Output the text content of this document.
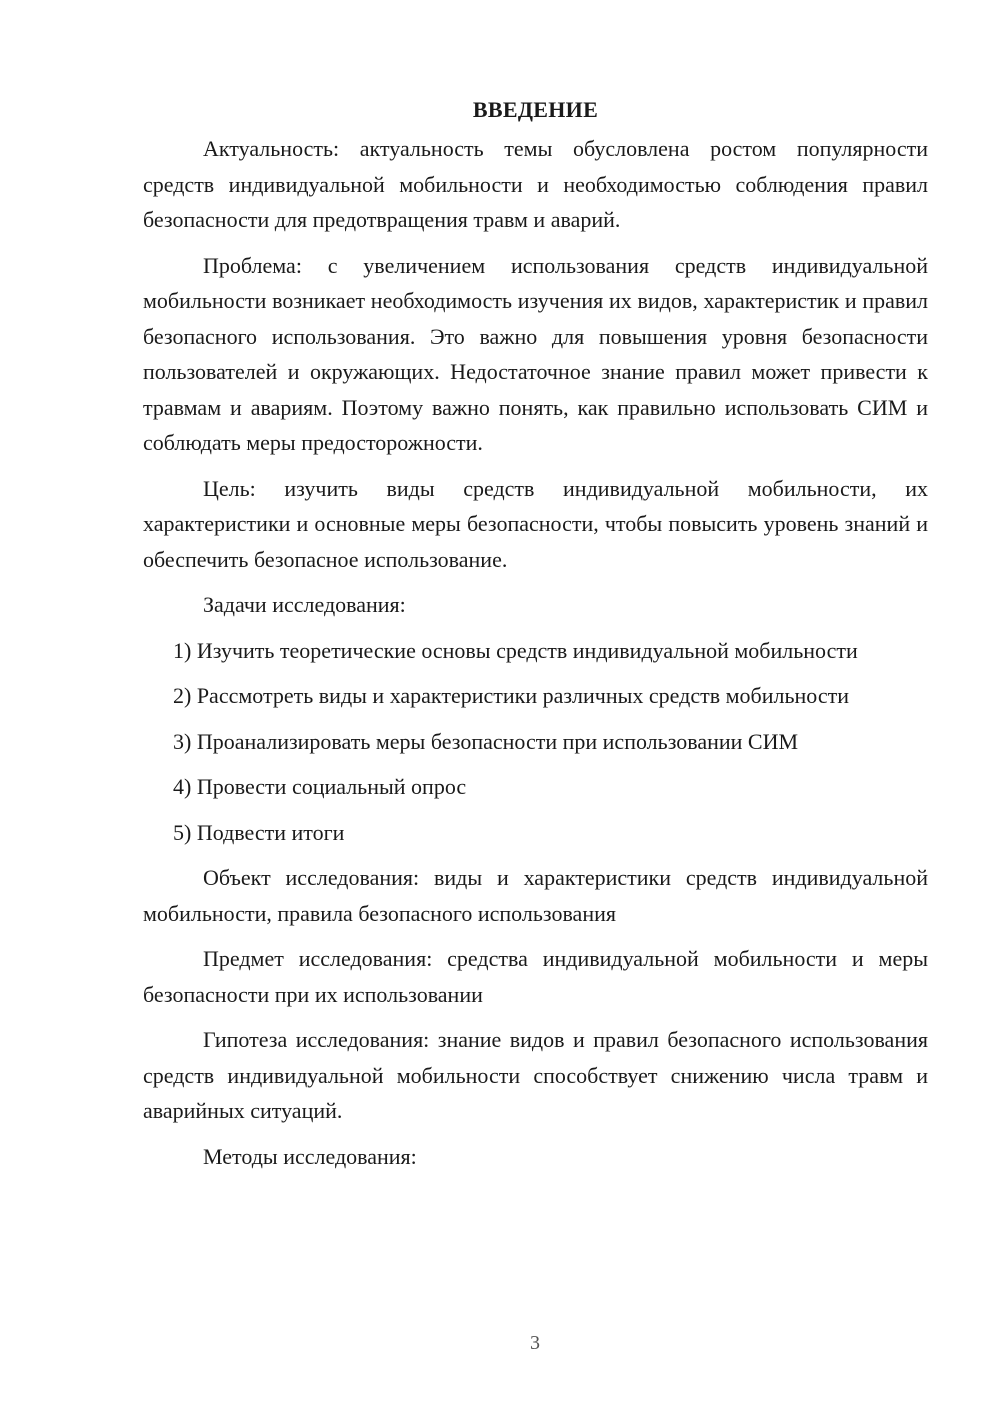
ВВЕДЕНИЕ

Актуальность: актуальность темы обусловлена ростом популярности средств индивидуальной мобильности и необходимостью соблюдения правил безопасности для предотвращения травм и аварий.

Проблема: с увеличением использования средств индивидуальной мобильности возникает необходимость изучения их видов, характеристик и правил безопасного использования. Это важно для повышения уровня безопасности пользователей и окружающих. Недостаточное знание правил может привести к травмам и авариям. Поэтому важно понять, как правильно использовать СИМ и соблюдать меры предосторожности.

Цель: изучить виды средств индивидуальной мобильности, их характеристики и основные меры безопасности, чтобы повысить уровень знаний и обеспечить безопасное использование.

Задачи исследования:

1) Изучить теоретические основы средств индивидуальной мобильности

2) Рассмотреть виды и характеристики различных средств мобильности

3) Проанализировать меры безопасности при использовании СИМ

4) Провести социальный опрос

5) Подвести итоги

Объект исследования: виды и характеристики средств индивидуальной мобильности, правила безопасного использования

Предмет исследования: средства индивидуальной мобильности и меры безопасности при их использовании

Гипотеза исследования: знание видов и правил безопасного использования средств индивидуальной мобильности способствует снижению числа травм и аварийных ситуаций.

Методы исследования:

3
